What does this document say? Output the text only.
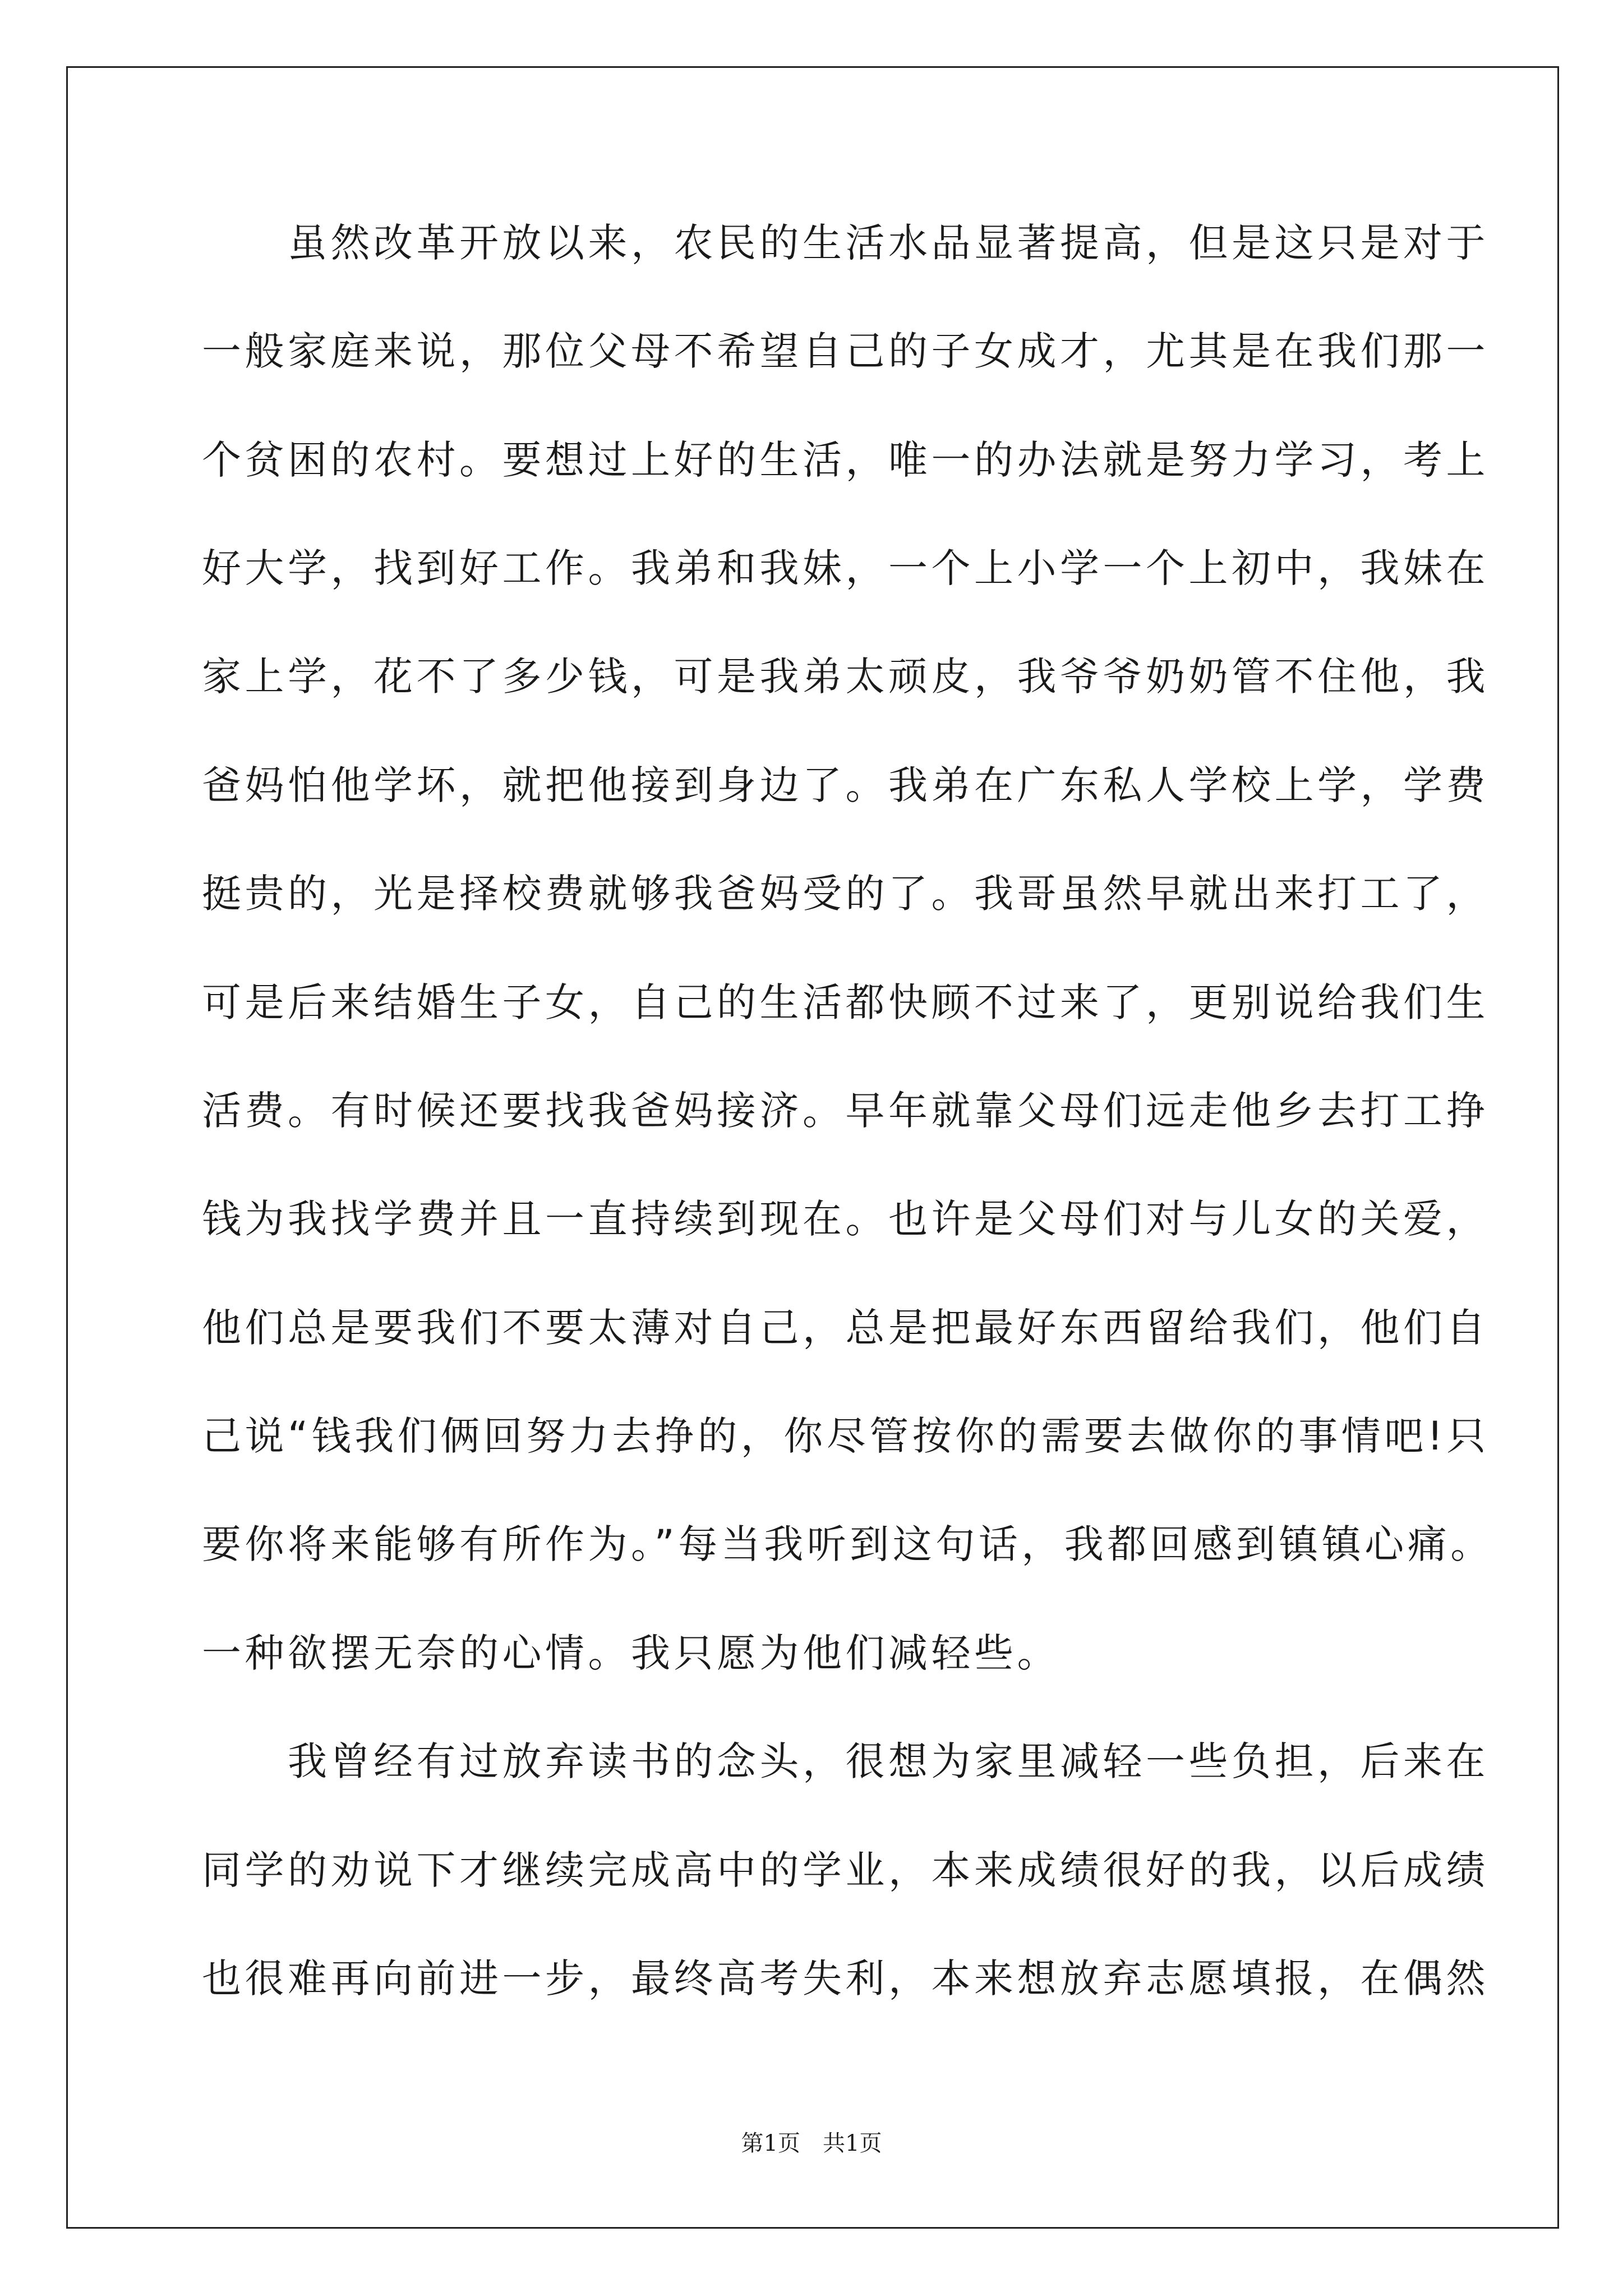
　　虽然改革开放以来，农民的生活水品显著提高，但是这只是对于
一般家庭来说，那位父母不希望自己的子女成才，尤其是在我们那一
个贫困的农村。要想过上好的生活，唯一的办法就是努力学习，考上
好大学，找到好工作。我弟和我妹，一个上小学一个上初中，我妹在
家上学，花不了多少钱，可是我弟太顽皮，我爷爷奶奶管不住他，我
爸妈怕他学坏，就把他接到身边了。我弟在广东私人学校上学，学费
挺贵的，光是择校费就够我爸妈受的了。我哥虽然早就出来打工了，
可是后来结婚生子女，自己的生活都快顾不过来了，更别说给我们生
活费。有时候还要找我爸妈接济。早年就靠父母们远走他乡去打工挣
钱为我找学费并且一直持续到现在。也许是父母们对与儿女的关爱，
他们总是要我们不要太薄对自己，总是把最好东西留给我们，他们自
己说“钱我们俩回努力去挣的，你尽管按你的需要去做你的事情吧!只
要你将来能够有所作为。”每当我听到这句话，我都回感到镇镇心痛。
一种欲摆无奈的心情。我只愿为他们减轻些。
　　我曾经有过放弃读书的念头，很想为家里减轻一些负担，后来在
同学的劝说下才继续完成高中的学业，本来成绩很好的我，以后成绩
也很难再向前进一步，最终高考失利，本来想放弃志愿填报，在偶然
第1页　共1页
